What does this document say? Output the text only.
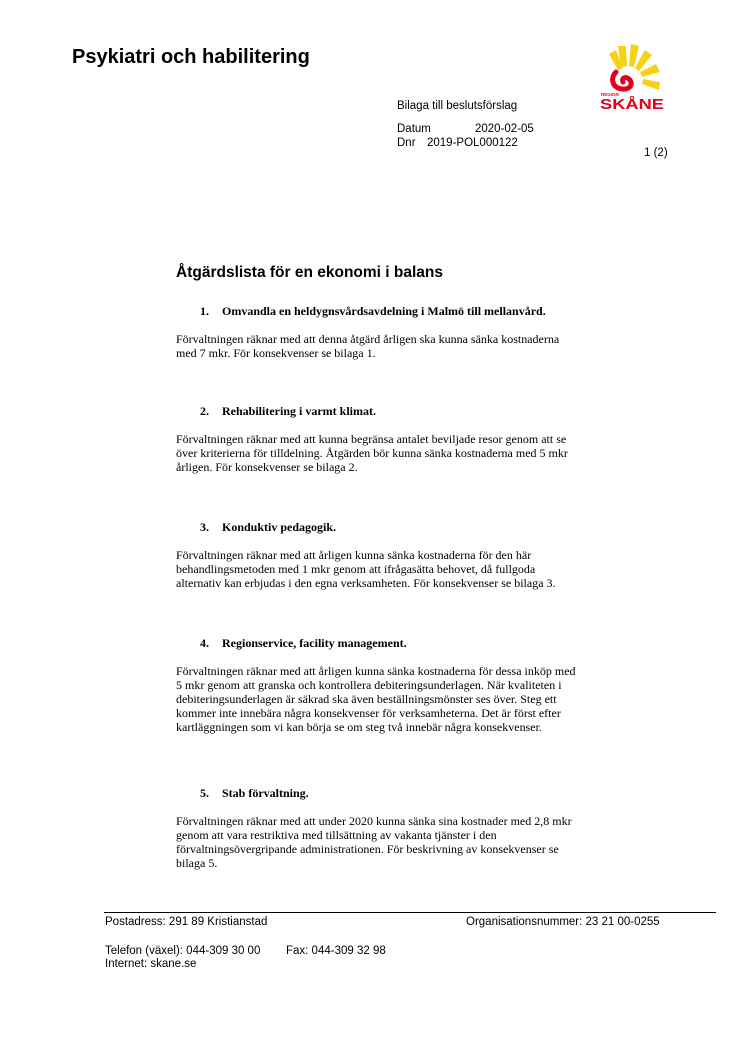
Psykiatri och habilitering
REGION
SKÅNE
Bilaga till beslutsförslag
Datum	2020-02-05
Dnr 2019-POL000122
1 (2)
Åtgärdslista för en ekonomi i balans
1. Omvandla en heldygnsvårdsavdelning i Malmö till mellanvård.
Förvaltningen räknar med att denna åtgärd årligen ska kunna sänka kostnaderna
med 7 mkr. För konsekvenser se bilaga 1.
2. Rehabilitering i varmt klimat.
Förvaltningen räknar med att kunna begränsa antalet beviljade resor genom att se
över kriterierna för tilldelning. Åtgärden bör kunna sänka kostnaderna med 5 mkr
årligen. För konsekvenser se bilaga 2.
3. Konduktiv pedagogik.
Förvaltningen räknar med att årligen kunna sänka kostnaderna för den här
behandlingsmetoden med 1 mkr genom att ifrågasätta behovet, då fullgoda
alternativ kan erbjudas i den egna verksamheten. För konsekvenser se bilaga 3.
4. Regionservice, facility management.
Förvaltningen räknar med att årligen kunna sänka kostnaderna för dessa inköp med
5 mkr genom att granska och kontrollera debiteringsunderlagen. När kvaliteten i
debiteringsunderlagen är säkrad ska även beställningsmönster ses över. Steg ett
kommer inte innebära några konsekvenser för verksamheterna. Det är först efter
kartläggningen som vi kan börja se om steg två innebär några konsekvenser.
5. Stab förvaltning.
Förvaltningen räknar med att under 2020 kunna sänka sina kostnader med 2,8 mkr
genom att vara restriktiva med tillsättning av vakanta tjänster i den
förvaltningsövergripande administrationen. För beskrivning av konsekvenser se
bilaga 5.
Postadress: 291 89 Kristianstad	Organisationsnummer: 23 21 00-0255
Telefon (växel): 044-309 30 00 Fax: 044-309 32 98
Internet: skane.se
